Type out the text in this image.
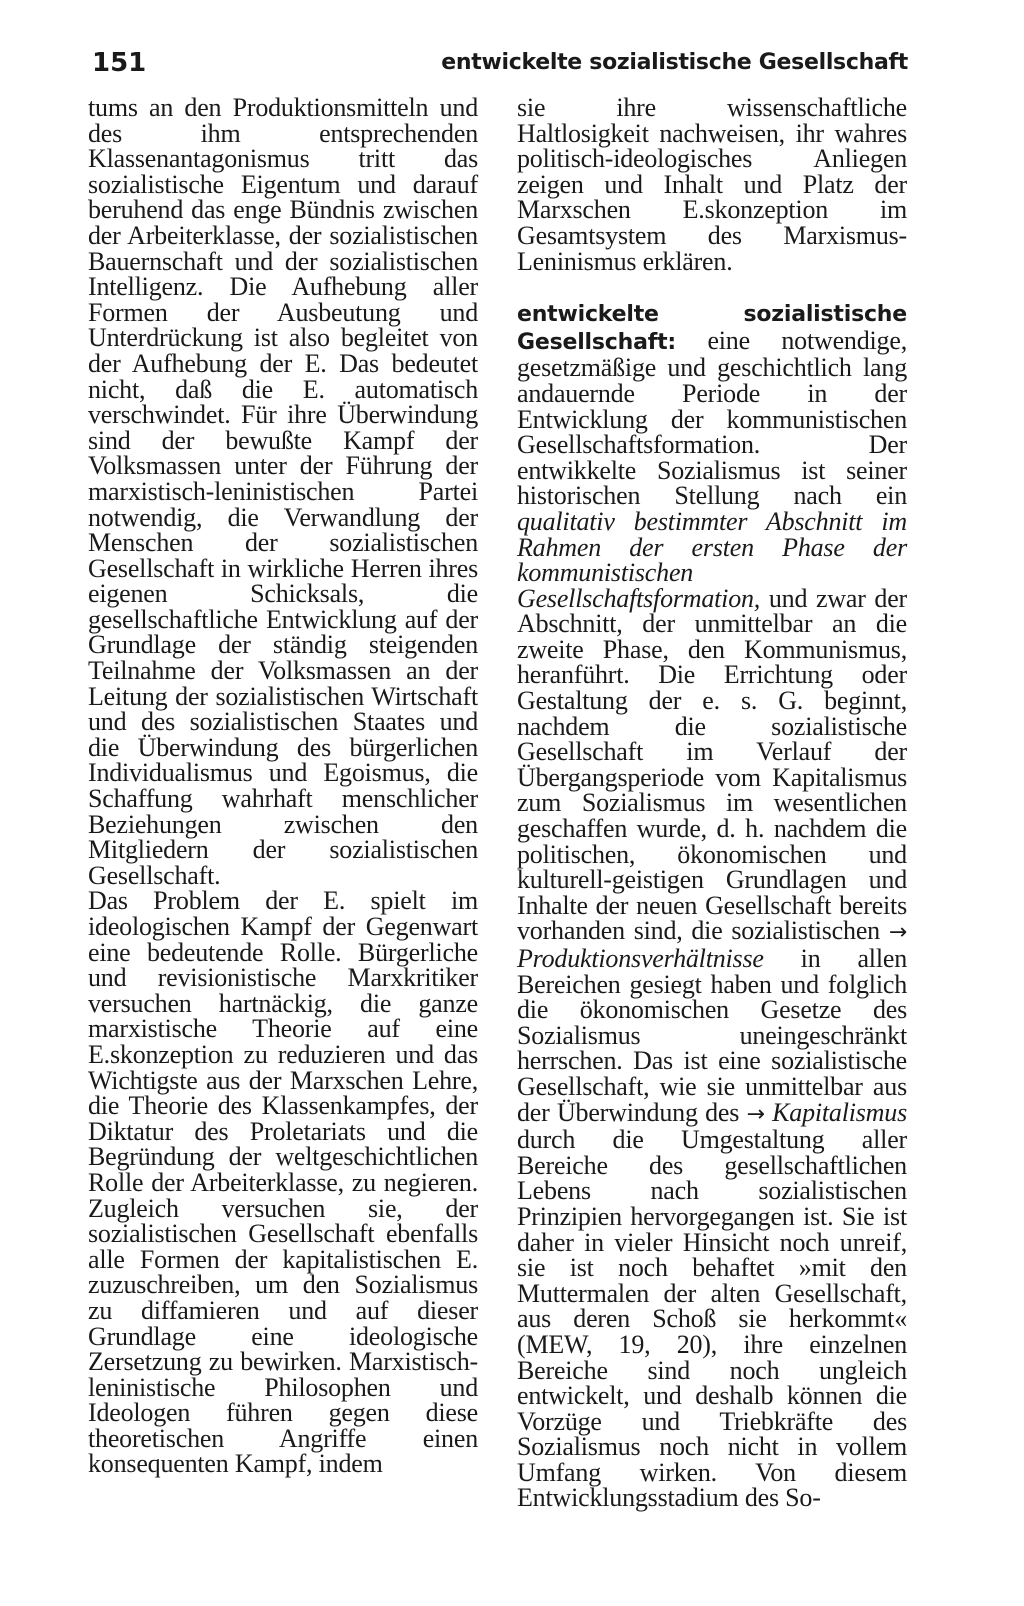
151	entwickelte sozialistische Gesellschaft

tums an den Produktionsmitteln und des ihm entsprechenden Klassenantagonismus tritt das sozialistische Eigentum und darauf beruhend das enge Bündnis zwischen der Arbeiterklasse, der sozialistischen Bauernschaft und der sozialistischen Intelligenz. Die Aufhebung aller Formen der Ausbeutung und Unterdrückung ist also begleitet von der Aufhebung der E. Das bedeutet nicht, daß die E. automatisch verschwindet. Für ihre Überwindung sind der bewußte Kampf der Volksmassen unter der Führung der marxistisch-leninistischen Partei notwendig, die Verwandlung der Menschen der sozialistischen Gesellschaft in wirkliche Herren ihres eigenen Schicksals, die gesellschaftliche Entwicklung auf der Grundlage der ständig steigenden Teilnahme der Volksmassen an der Leitung der sozialistischen Wirtschaft und des sozialistischen Staates und die Überwindung des bürgerlichen Individualismus und Egoismus, die Schaffung wahrhaft menschlicher Beziehungen zwischen den Mitgliedern der sozialistischen Gesellschaft.

Das Problem der E. spielt im ideologischen Kampf der Gegenwart eine bedeutende Rolle. Bürgerliche und revisionistische Marxkritiker versuchen hartnäckig, die ganze marxistische Theorie auf eine E.skonzeption zu reduzieren und das Wichtigste aus der Marxschen Lehre, die Theorie des Klassenkampfes, der Diktatur des Proletariats und die Begründung der weltgeschichtlichen Rolle der Arbeiterklasse, zu negieren. Zugleich versuchen sie, der sozialistischen Gesellschaft ebenfalls alle Formen der kapitalistischen E. zuzuschreiben, um den Sozialismus zu diffamieren und auf dieser Grundlage eine ideologische Zersetzung zu bewirken. Marxistisch-leninistische Philosophen und Ideologen führen gegen diese theoretischen Angriffe einen konsequenten Kampf, indem

sie ihre wissenschaftliche Haltlosigkeit nachweisen, ihr wahres politisch-ideologisches Anliegen zeigen und Inhalt und Platz der Marxschen E.skonzeption im Gesamtsystem des Marxismus-Leninismus erklären.

entwickelte sozialistische Gesellschaft: eine notwendige, gesetzmäßige und geschichtlich lang andauernde Periode in der Entwicklung der kommunistischen Gesellschaftsformation. Der entwikkelte Sozialismus ist seiner historischen Stellung nach ein qualitativ bestimmter Abschnitt im Rahmen der ersten Phase der kommunistischen Gesellschaftsformation, und zwar der Abschnitt, der unmittelbar an die zweite Phase, den Kommunismus, heranführt. Die Errichtung oder Gestaltung der e. s. G. beginnt, nachdem die sozialistische Gesellschaft im Verlauf der Übergangsperiode vom Kapitalismus zum Sozialismus im wesentlichen geschaffen wurde, d. h. nachdem die politischen, ökonomischen und kulturell-geistigen Grundlagen und Inhalte der neuen Gesellschaft bereits vorhanden sind, die sozialistischen → Produktionsverhältnisse in allen Bereichen gesiegt haben und folglich die ökonomischen Gesetze des Sozialismus uneingeschränkt herrschen. Das ist eine sozialistische Gesellschaft, wie sie unmittelbar aus der Überwindung des → Kapitalismus durch die Umgestaltung aller Bereiche des gesellschaftlichen Lebens nach sozialistischen Prinzipien hervorgegangen ist. Sie ist daher in vieler Hinsicht noch unreif, sie ist noch behaftet »mit den Muttermalen der alten Gesellschaft, aus deren Schoß sie herkommt« (MEW, 19, 20), ihre einzelnen Bereiche sind noch ungleich entwickelt, und deshalb können die Vorzüge und Triebkräfte des Sozialismus noch nicht in vollem Umfang wirken. Von diesem Entwicklungsstadium des So-
